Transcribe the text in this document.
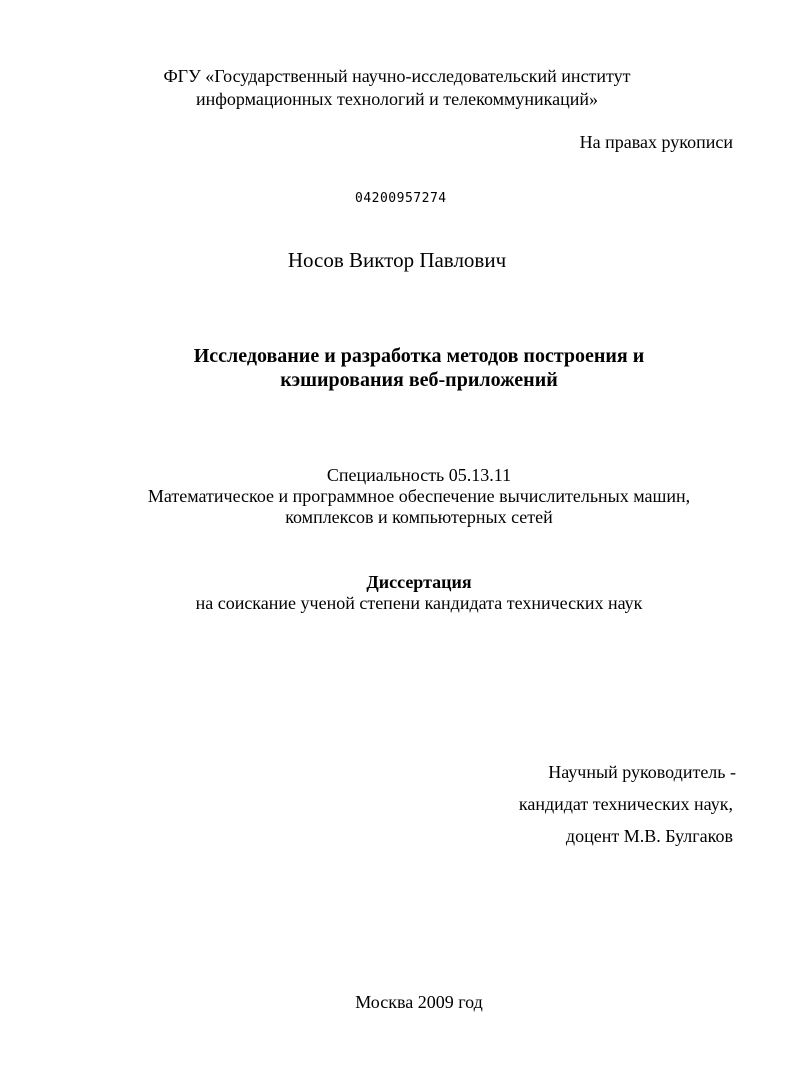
ФГУ «Государственный научно-исследовательский институт
информационных технологий и телекоммуникаций»
На правах рукописи
04200957274
Носов Виктор Павлович
Исследование и разработка методов построения и
кэширования веб-приложений
Специальность 05.13.11
Математическое и программное обеспечение вычислительных машин,
комплексов и компьютерных сетей
Диссертация
на соискание ученой степени кандидата технических наук
Научный руководитель -
кандидат технических наук,
доцент М.В. Булгаков
Москва 2009 год
